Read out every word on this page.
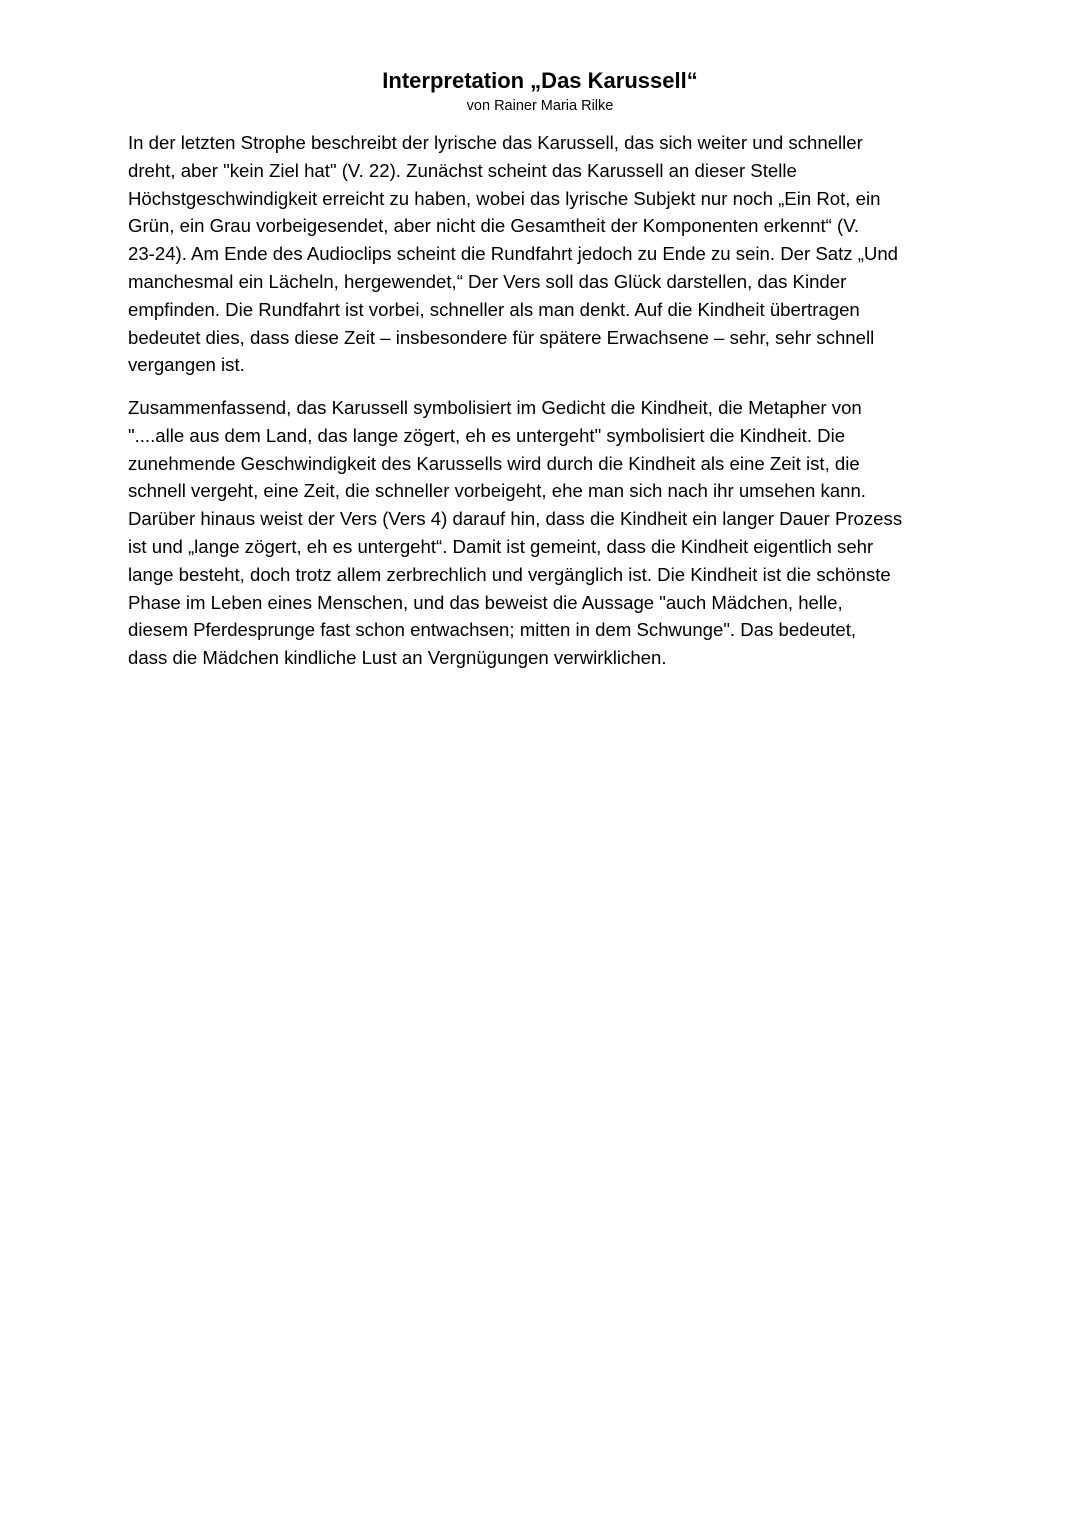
Interpretation „Das Karussell“
von Rainer Maria Rilke
In der letzten Strophe beschreibt der lyrische das Karussell, das sich weiter und schneller
dreht, aber "kein Ziel hat" (V. 22). Zunächst scheint das Karussell an dieser Stelle
Höchstgeschwindigkeit erreicht zu haben, wobei das lyrische Subjekt nur noch „Ein Rot, ein
Grün, ein Grau vorbeigesendet, aber nicht die Gesamtheit der Komponenten erkennt“ (V.
23-24). Am Ende des Audioclips scheint die Rundfahrt jedoch zu Ende zu sein. Der Satz „Und
manchesmal ein Lächeln, hergewendet,“ Der Vers soll das Glück darstellen, das Kinder
empfinden. Die Rundfahrt ist vorbei, schneller als man denkt. Auf die Kindheit übertragen
bedeutet dies, dass diese Zeit – insbesondere für spätere Erwachsene – sehr, sehr schnell
vergangen ist.
Zusammenfassend, das Karussell symbolisiert im Gedicht die Kindheit, die Metapher von
"....alle aus dem Land, das lange zögert, eh es untergeht" symbolisiert die Kindheit. Die
zunehmende Geschwindigkeit des Karussells wird durch die Kindheit als eine Zeit ist, die
schnell vergeht, eine Zeit, die schneller vorbeigeht, ehe man sich nach ihr umsehen kann.
Darüber hinaus weist der Vers (Vers 4) darauf hin, dass die Kindheit ein langer Dauer Prozess
ist und „lange zögert, eh es untergeht“. Damit ist gemeint, dass die Kindheit eigentlich sehr
lange besteht, doch trotz allem zerbrechlich und vergänglich ist. Die Kindheit ist die schönste
Phase im Leben eines Menschen, und das beweist die Aussage "auch Mädchen, helle,
diesem Pferdesprunge fast schon entwachsen; mitten in dem Schwunge". Das bedeutet,
dass die Mädchen kindliche Lust an Vergnügungen verwirklichen.
